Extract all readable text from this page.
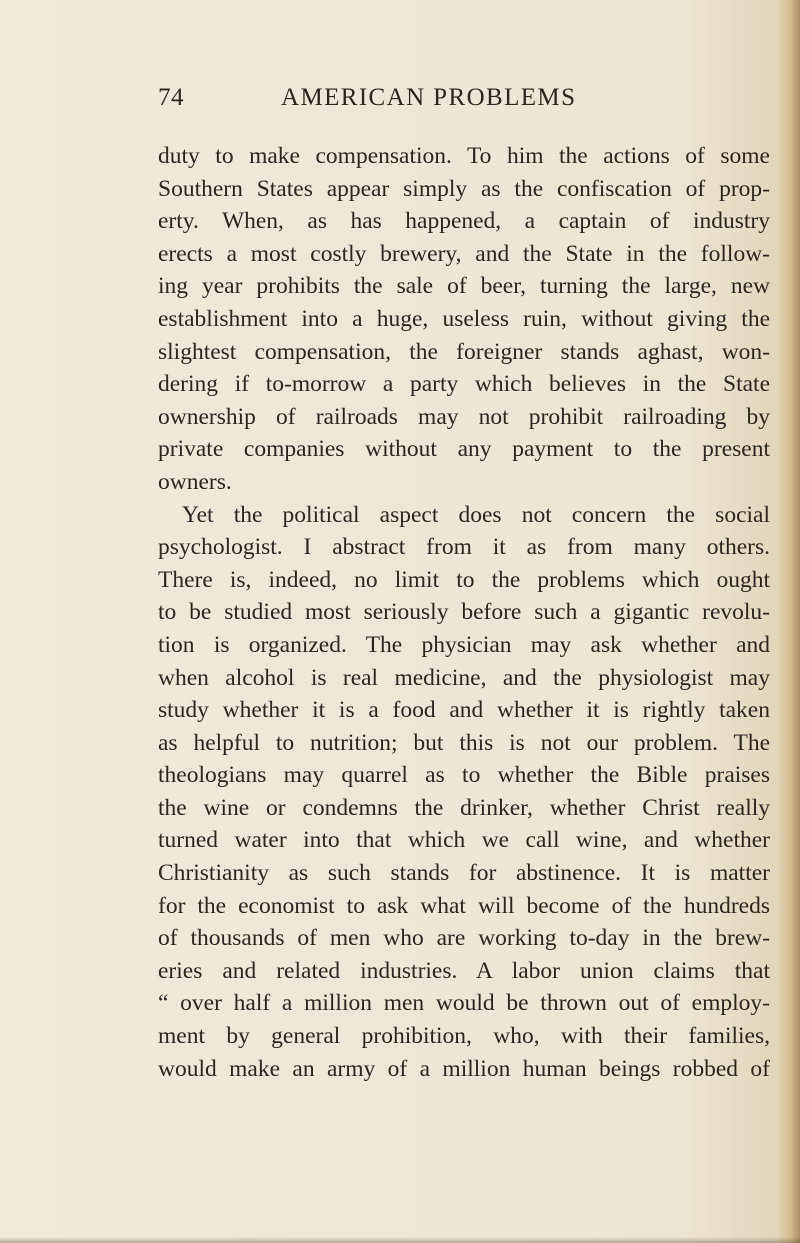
74	AMERICAN PROBLEMS
duty to make compensation. To him the actions of some
Southern States appear simply as the confiscation of prop-
erty. When, as has happened, a captain of industry
erects a most costly brewery, and the State in the follow-
ing year prohibits the sale of beer, turning the large, new
establishment into a huge, useless ruin, without giving the
slightest compensation, the foreigner stands aghast, won-
dering if to-morrow a party which believes in the State
ownership of railroads may not prohibit railroading by
private companies without any payment to the present
owners.
Yet the political aspect does not concern the social
psychologist. I abstract from it as from many others.
There is, indeed, no limit to the problems which ought
to be studied most seriously before such a gigantic revolu-
tion is organized. The physician may ask whether and
when alcohol is real medicine, and the physiologist may
study whether it is a food and whether it is rightly taken
as helpful to nutrition; but this is not our problem. The
theologians may quarrel as to whether the Bible praises
the wine or condemns the drinker, whether Christ really
turned water into that which we call wine, and whether
Christianity as such stands for abstinence. It is matter
for the economist to ask what will become of the hundreds
of thousands of men who are working to-day in the brew-
eries and related industries. A labor union claims that
“ over half a million men would be thrown out of employ-
ment by general prohibition, who, with their families,
would make an army of a million human beings robbed of
